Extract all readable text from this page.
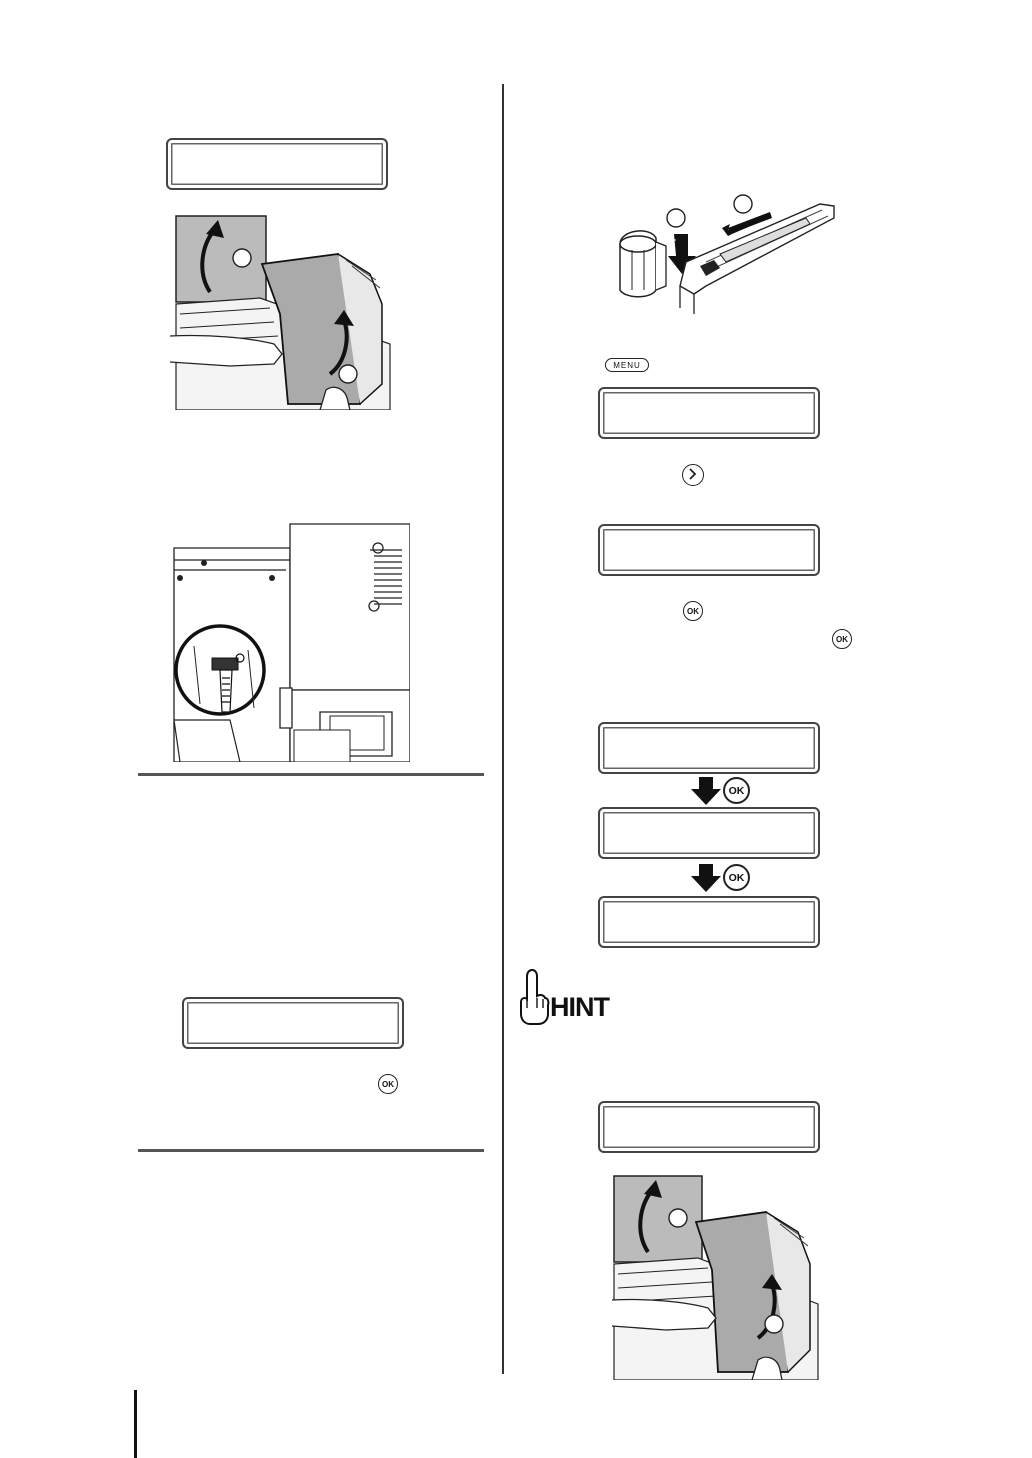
OK
MENU
OK
OK
OK
OK
HINT
